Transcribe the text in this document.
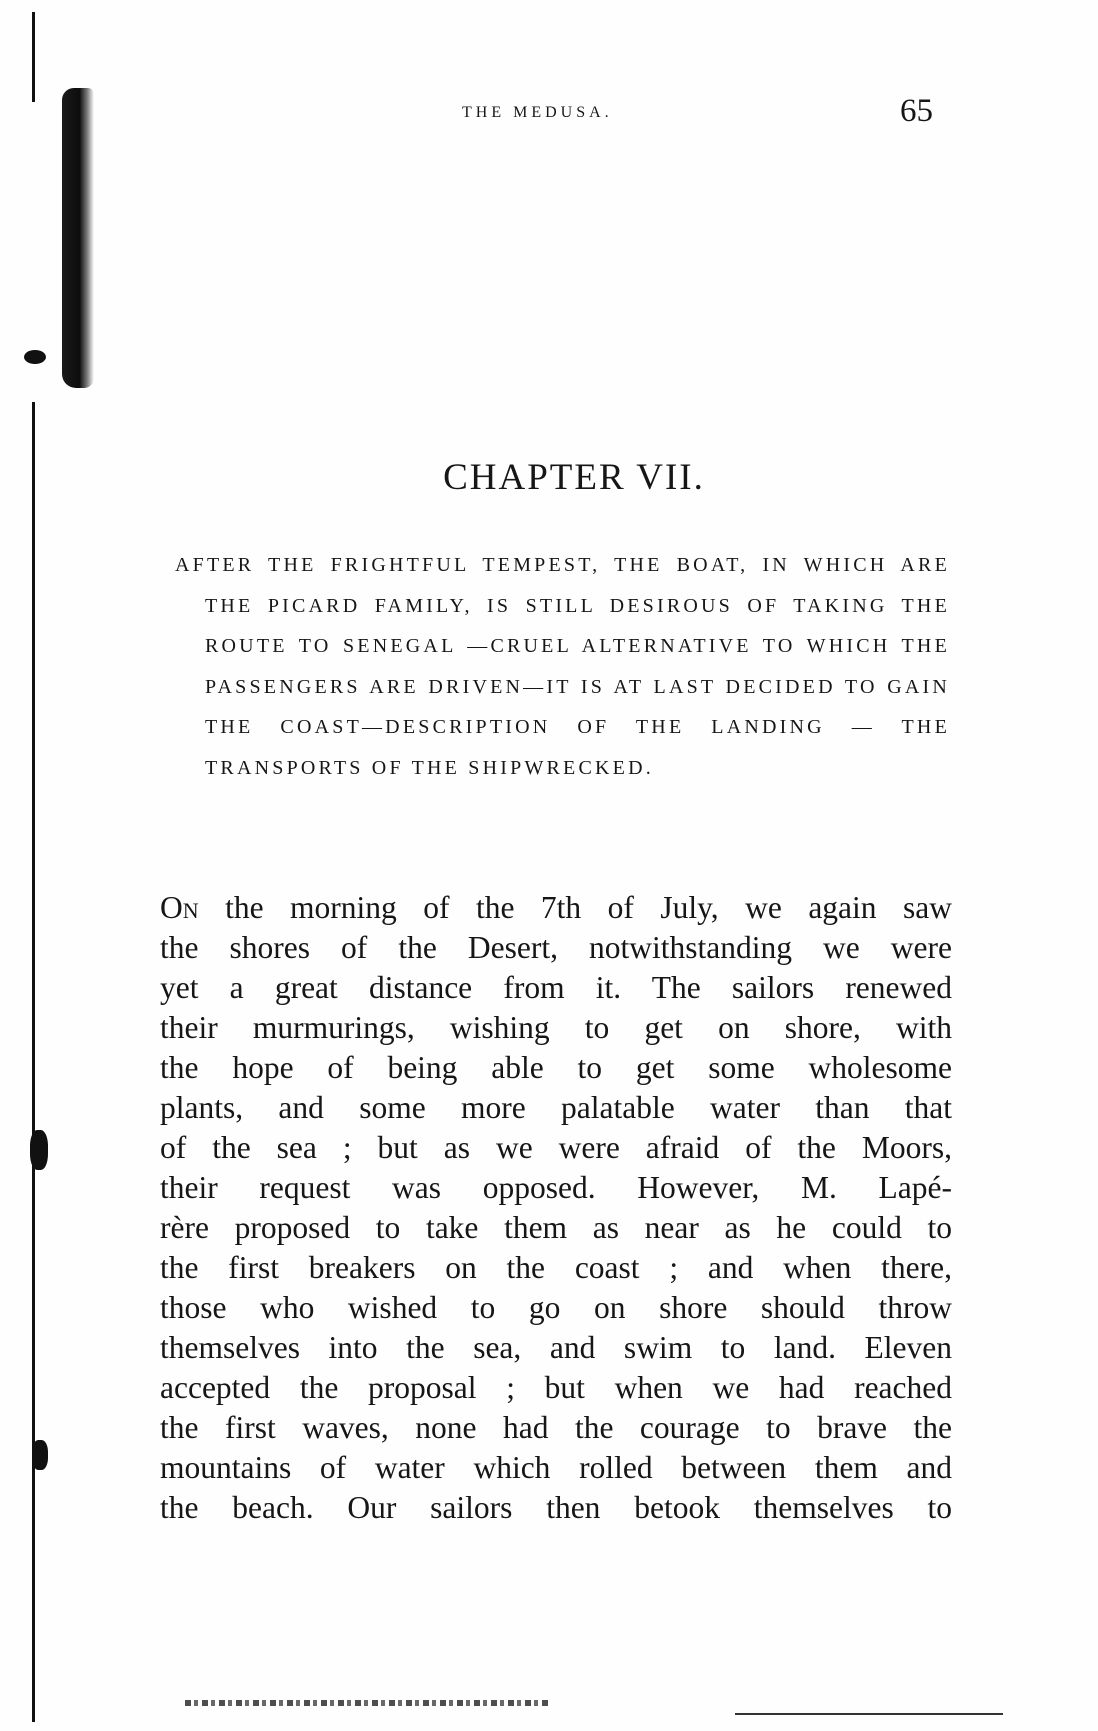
THE MEDUSA.	65
CHAPTER VII.

AFTER THE FRIGHTFUL TEMPEST, THE BOAT, IN WHICH ARE THE PICARD FAMILY, IS STILL DESIROUS OF TAKING THE ROUTE TO SENEGAL —CRUEL ALTERNATIVE TO WHICH THE PASSENGERS ARE DRIVEN—IT IS AT LAST DECIDED TO GAIN THE COAST—DESCRIPTION OF THE LANDING — THE TRANSPORTS OF THE SHIPWRECKED.

On the morning of the 7th of July, we again saw
the shores of the Desert, notwithstanding we were
yet a great distance from it. The sailors renewed
their murmurings, wishing to get on shore, with
the hope of being able to get some wholesome
plants, and some more palatable water than that
of the sea ; but as we were afraid of the Moors,
their request was opposed. However, M. Lapé-
rère proposed to take them as near as he could to
the first breakers on the coast ; and when there,
those who wished to go on shore should throw
themselves into the sea, and swim to land. Eleven
accepted the proposal ; but when we had reached
the first waves, none had the courage to brave the
mountains of water which rolled between them and
the beach. Our sailors then betook themselves to
